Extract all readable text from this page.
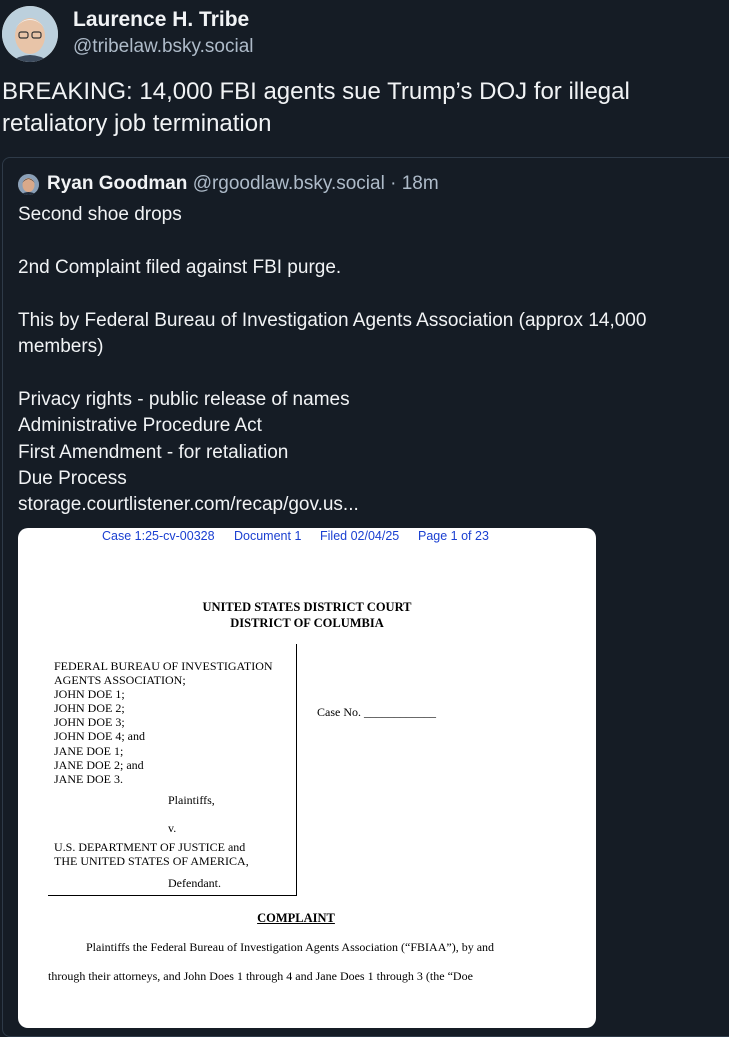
Laurence H. Tribe
@tribelaw.bsky.social
BREAKING: 14,000 FBI agents sue Trump’s DOJ for illegal retaliatory job termination
Ryan Goodman @rgoodlaw.bsky.social · 18m
Second shoe drops
2nd Complaint filed against FBI purge.
This by Federal Bureau of Investigation Agents Association (approx 14,000 members)
Privacy rights - public release of names
Administrative Procedure Act
First Amendment - for retaliation
Due Process
storage.courtlistener.com/recap/gov.us...
Case 1:25-cv-00328 Document 1 Filed 02/04/25 Page 1 of 23
UNITED STATES DISTRICT COURT
DISTRICT OF COLUMBIA
FEDERAL BUREAU OF INVESTIGATION
AGENTS ASSOCIATION;
JOHN DOE 1;
JOHN DOE 2;
JOHN DOE 3;
JOHN DOE 4; and
JANE DOE 1;
JANE DOE 2; and
JANE DOE 3.
Plaintiffs,
v.
U.S. DEPARTMENT OF JUSTICE and
THE UNITED STATES OF AMERICA,
Defendant.
Case No. ____________
COMPLAINT
Plaintiffs the Federal Bureau of Investigation Agents Association (“FBIAA”), by and
through their attorneys, and John Does 1 through 4 and Jane Does 1 through 3 (the “Doe
